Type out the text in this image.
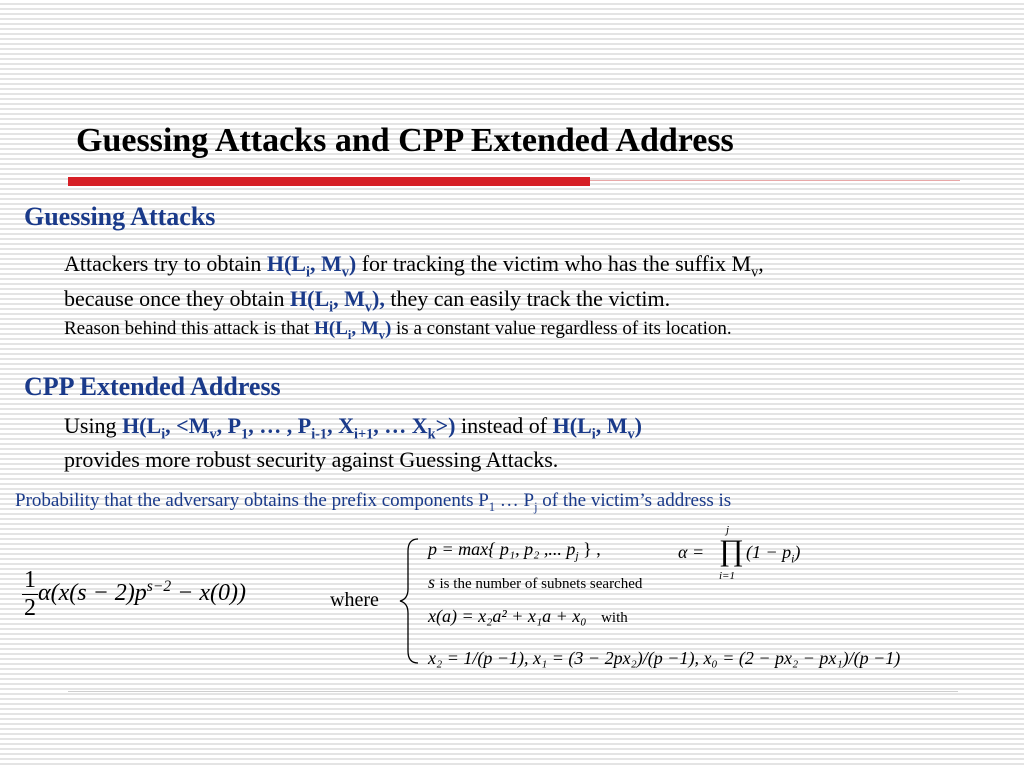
Guessing Attacks and CPP Extended Address
Guessing Attacks
Attackers try to obtain $H(L_i$, $M_v$) for tracking the victim who has the suffix $M_v$,
because once they obtain $H(L_i$, $M_v$), they can easily track the victim.
Reason behind this attack is that $H(L_i$, $M_v$) is a constant value regardless of its location.
CPP Extended Address
Using $H(L_i$, $<M_v$, $P_1$, … , $P_{i-1}$, $X_{i+1}$, … $X_k>$) instead of $H(L_i$, $M_v$)
provides more robust security against Guessing Attacks.
Probability that the adversary obtains the prefix components $P_1$ … $P_j$ of the victim’s address is
$\frac{1}{2} \alpha(x(s - 2)p^{s-2} - x(0))$	where
p = max{ p₁, p₂ ,... $p_j$ } ,	α =
j
∏
i=1
$(1 - p_i)$
s is the number of subnets searched
x(a) = x₂a² + x₁a + x₀ with
x₂ = 1/(p −1), x₁ = (3 − 2px₂)/(p −1), x₀ = (2 − px₂ − px₁)/(p −1)
